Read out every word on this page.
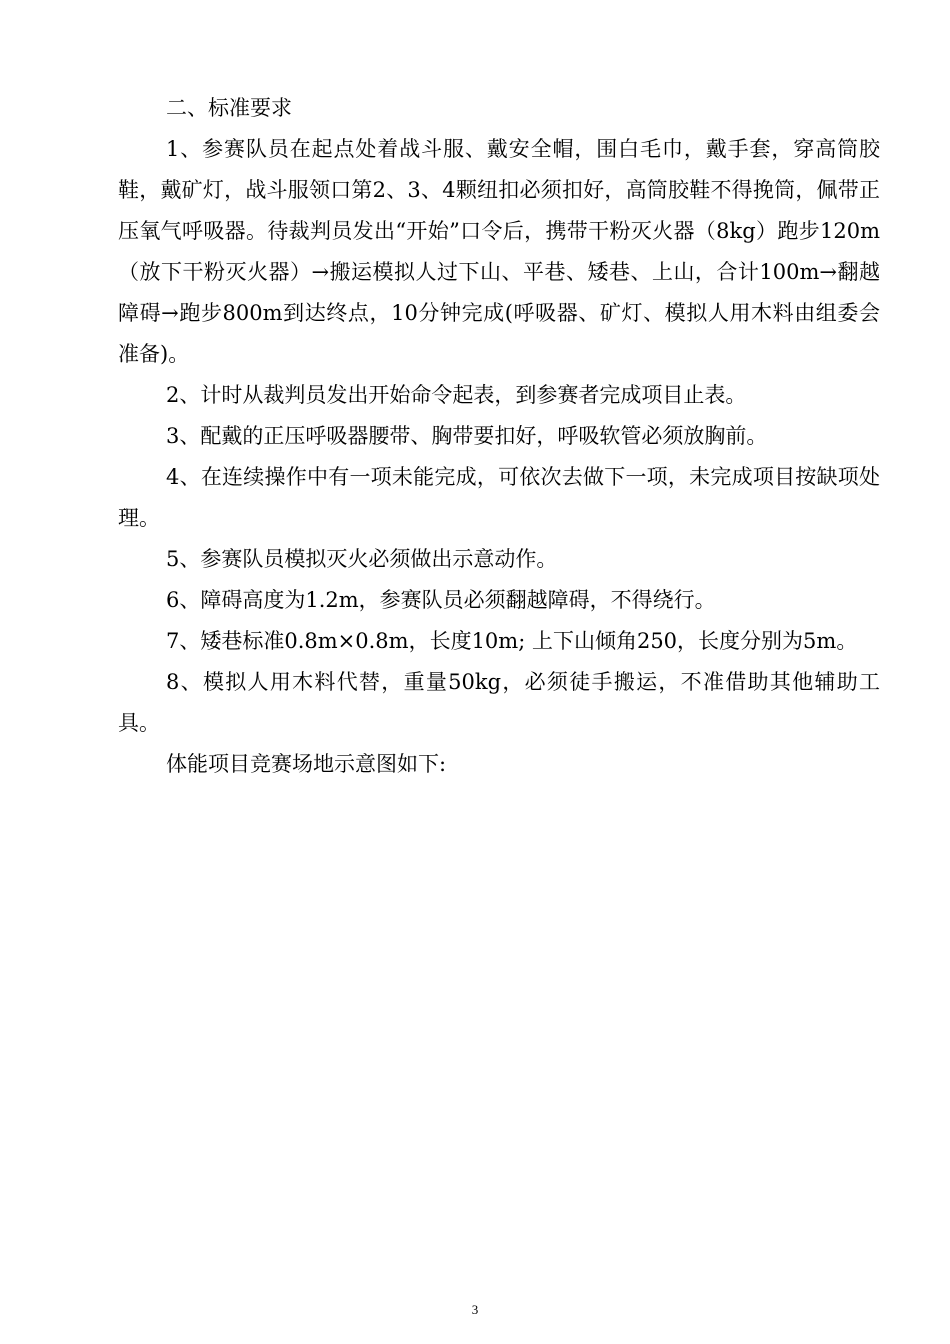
二、标准要求

1、参赛队员在起点处着战斗服、戴安全帽，围白毛巾，戴手套，穿高筒胶鞋，戴矿灯，战斗服领口第2、3、4颗纽扣必须扣好，高筒胶鞋不得挽筒，佩带正压氧气呼吸器。待裁判员发出“开始”口令后，携带干粉灭火器（8kg）跑步120m（放下干粉灭火器）→搬运模拟人过下山、平巷、矮巷、上山，合计100m→翻越障碍→跑步800m到达终点，10分钟完成(呼吸器、矿灯、模拟人用木料由组委会准备)。

2、计时从裁判员发出开始命令起表，到参赛者完成项目止表。

3、配戴的正压呼吸器腰带、胸带要扣好，呼吸软管必须放胸前。

4、在连续操作中有一项未能完成，可依次去做下一项，未完成项目按缺项处理。

5、参赛队员模拟灭火必须做出示意动作。

6、障碍高度为1.2m，参赛队员必须翻越障碍，不得绕行。

7、矮巷标准0.8m×0.8m，长度10m; 上下山倾角250，长度分别为5m。

8、模拟人用木料代替，重量50kg，必须徒手搬运，不准借助其他辅助工具。

体能项目竞赛场地示意图如下:

3
